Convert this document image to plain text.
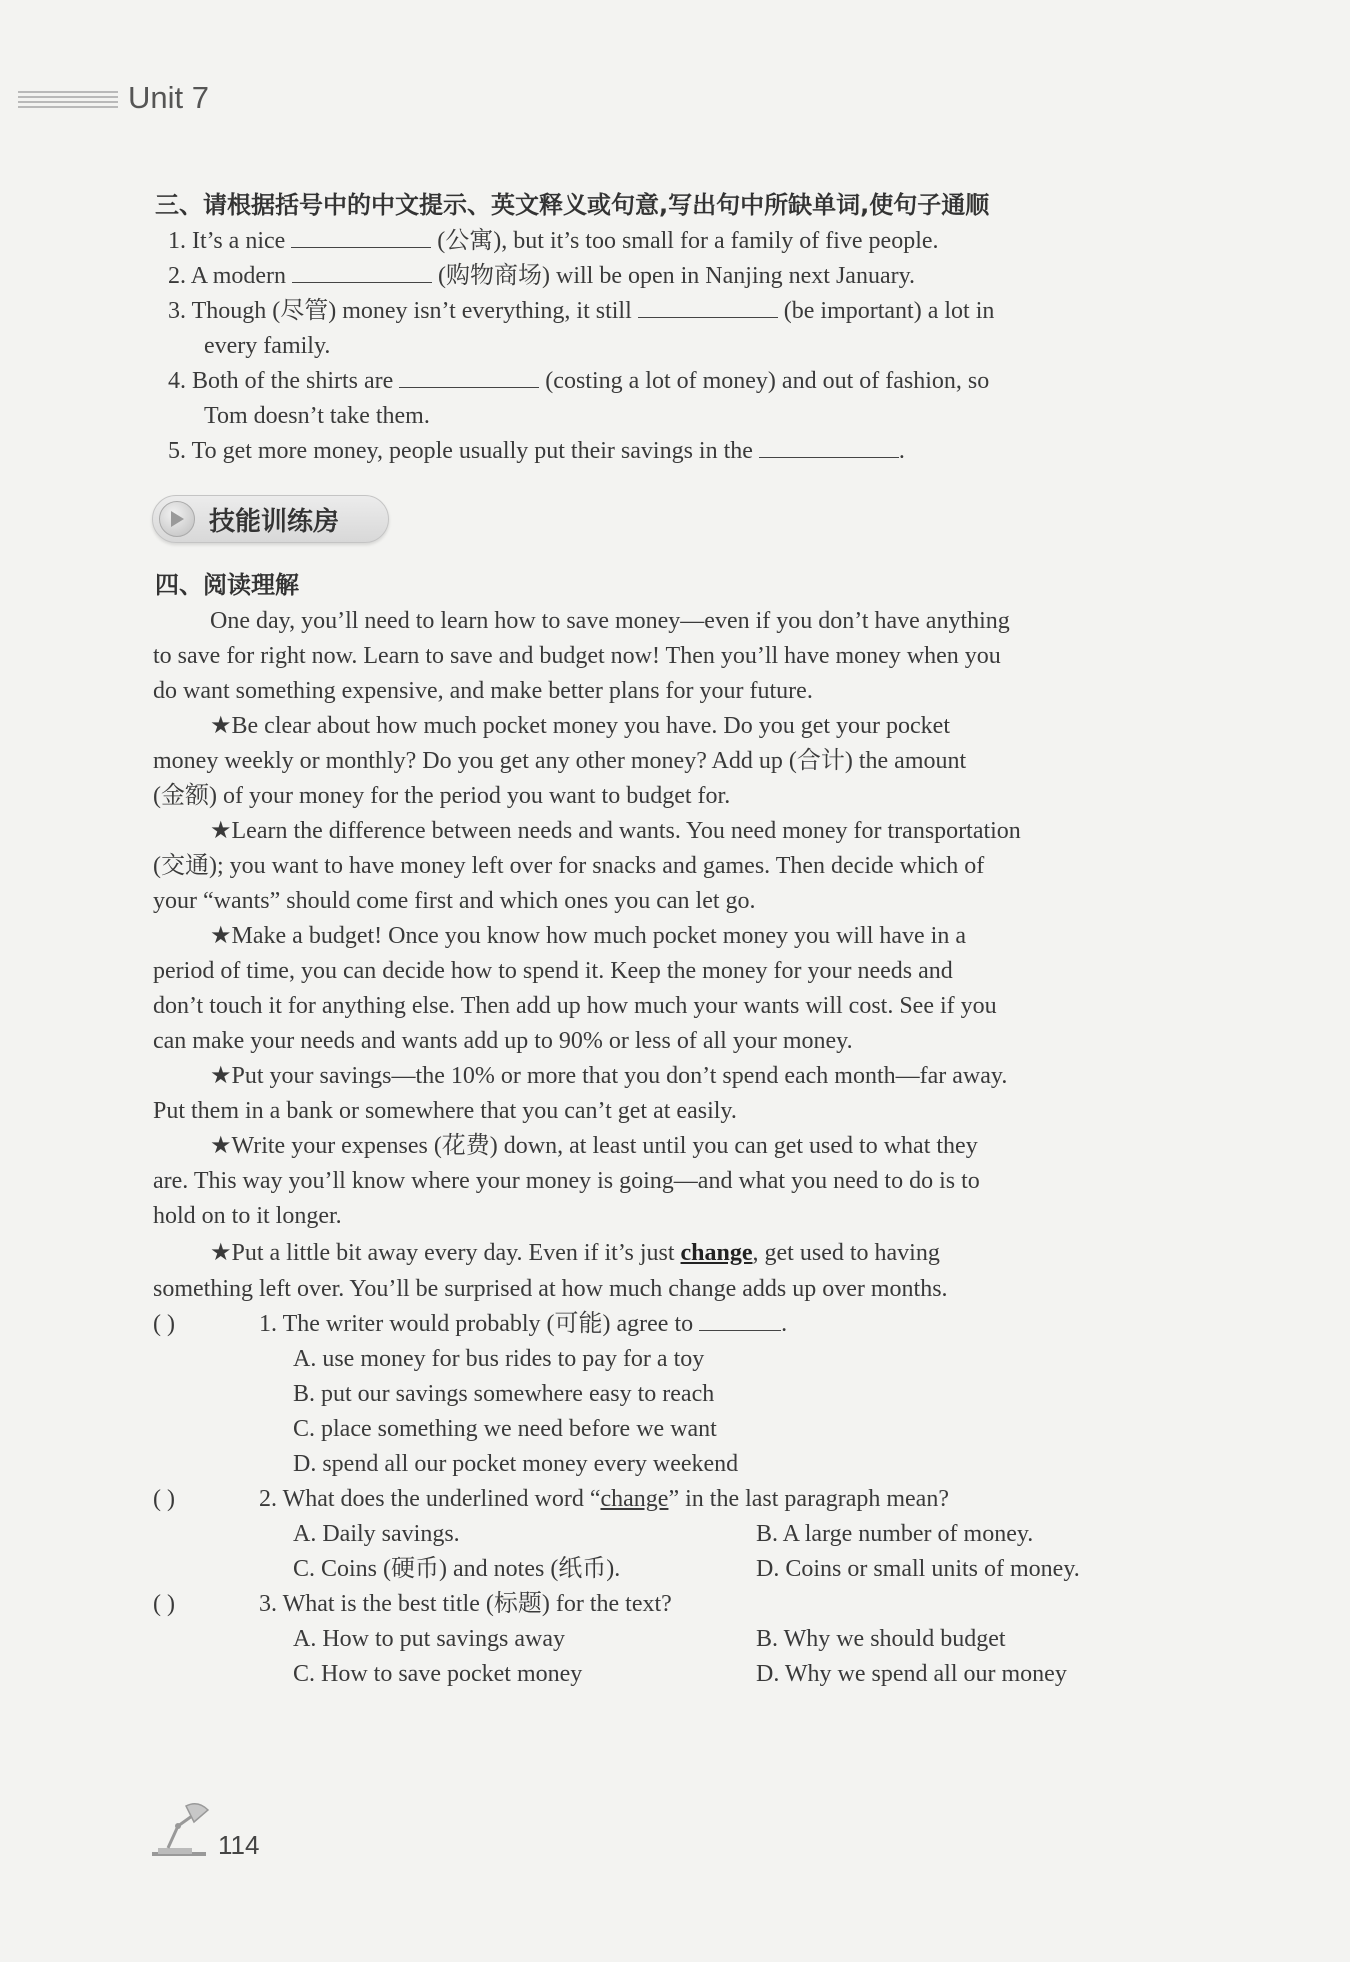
Unit 7
三、请根据括号中的中文提示、英文释义或句意,写出句中所缺单词,使句子通顺
1. It’s a nice	(公寓), but it’s too small for a family of five people.
2. A modern	(购物商场) will be open in Nanjing next January.
3. Though (尽管) money isn’t everything, it still	(be important) a lot in
every family.
4. Both of the shirts are	(costing a lot of money) and out of fashion, so
Tom doesn’t take them.
5. To get more money, people usually put their savings in the	.
技能训练房
四、阅读理解
One day, you’ll need to learn how to save money—even if you don’t have anything
to save for right now. Learn to save and budget now! Then you’ll have money when you
do want something expensive, and make better plans for your future.
★Be clear about how much pocket money you have. Do you get your pocket
money weekly or monthly? Do you get any other money? Add up (合计) the amount
(金额) of your money for the period you want to budget for.
★Learn the difference between needs and wants. You need money for transportation
(交通); you want to have money left over for snacks and games. Then decide which of
your “wants” should come first and which ones you can let go.
★Make a budget! Once you know how much pocket money you will have in a
period of time, you can decide how to spend it. Keep the money for your needs and
don’t touch it for anything else. Then add up how much your wants will cost. See if you
can make your needs and wants add up to 90% or less of all your money.
★Put your savings—the 10% or more that you don’t spend each month—far away.
Put them in a bank or somewhere that you can’t get at easily.
★Write your expenses (花费) down, at least until you can get used to what they
are. This way you’ll know where your money is going—and what you need to do is to
hold on to it longer.
★Put a little bit away every day. Even if it’s just change, get used to having
something left over. You’ll be surprised at how much change adds up over months.
( )	1. The writer would probably (可能) agree to	.
A. use money for bus rides to pay for a toy
B. put our savings somewhere easy to reach
C. place something we need before we want
D. spend all our pocket money every weekend
( )	2. What does the underlined word “change” in the last paragraph mean?
A. Daily savings.	B. A large number of money.
C. Coins (硬币) and notes (纸币).	D. Coins or small units of money.
( )	3. What is the best title (标题) for the text?
A. How to put savings away	B. Why we should budget
C. How to save pocket money	D. Why we spend all our money
114
